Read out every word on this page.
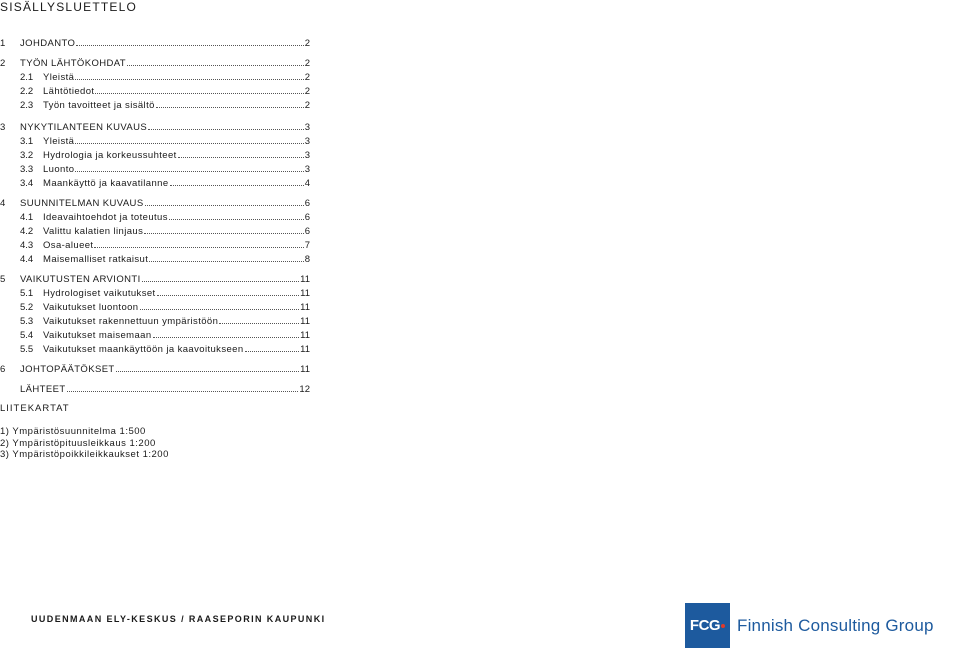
SISÄLLYSLUETTELO
1	JOHDANTO	2
2	TYÖN LÄHTÖKOHDAT	2
2.1	Yleistä	2
2.2	Lähtötiedot	2
2.3	Työn tavoitteet ja sisältö	2
3	NYKYTILANTEEN KUVAUS	3
3.1	Yleistä	3
3.2	Hydrologia ja korkeussuhteet	3
3.3	Luonto	3
3.4	Maankäyttö ja kaavatilanne	4
4	SUUNNITELMAN KUVAUS	6
4.1	Ideavaihtoehdot ja toteutus	6
4.2	Valittu kalatien linjaus	6
4.3	Osa-alueet	7
4.4	Maisemalliset ratkaisut	8
5	VAIKUTUSTEN ARVIONTI	11
5.1	Hydrologiset vaikutukset	11
5.2	Vaikutukset luontoon	11
5.3	Vaikutukset rakennettuun ympäristöön	11
5.4	Vaikutukset maisemaan	11
5.5	Vaikutukset maankäyttöön ja kaavoitukseen	11
6	JOHTOPÄÄTÖKSET	11
LÄHTEET	12
LIITEKARTAT
1) Ympäristösuunnitelma 1:500
2) Ympäristöpituusleikkaus 1:200
3) Ympäristöpoikkileikkaukset 1:200
UUDENMAAN ELY-KESKUS / RAASEPORIN KAUPUNKI	FCG Finnish Consulting Group
